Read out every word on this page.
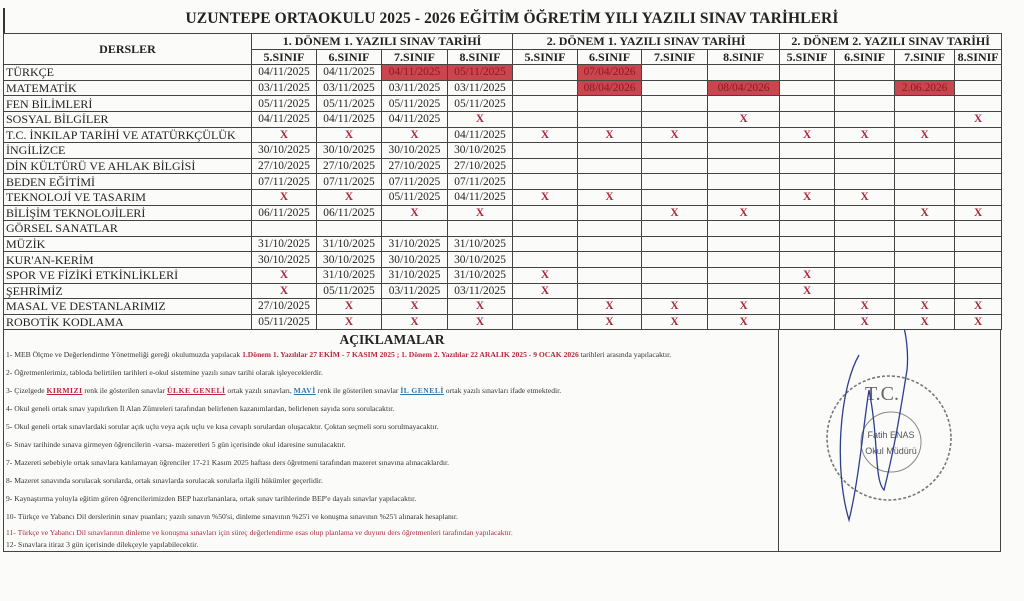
UZUNTEPE ORTAOKULU 2025 - 2026 EĞİTİM ÖĞRETİM YILI YAZILI SINAV TARİHLERİ
DERSLER	1. DÖNEM 1. YAZILI SINAV TARİHİ				2. DÖNEM 1. YAZILI SINAV TARİHİ				2. DÖNEM 2. YAZILI SINAV TARİHİ			
	5.SINIF	6.SINIF	7.SINIF	8.SINIF	5.SINIF	6.SINIF	7.SINIF	8.SINIF	5.SINIF	6.SINIF	7.SINIF	8.SINIF
TÜRKÇE	04/11/2025	04/11/2025	04/11/2025	05/11/2025		07/04/2026						
MATEMATİK	03/11/2025	03/11/2025	03/11/2025	03/11/2025		08/04/2026		08/04/2026			2.06.2026	
FEN BİLİMLERİ	05/11/2025	05/11/2025	05/11/2025	05/11/2025								
SOSYAL BİLGİLER	04/11/2025	04/11/2025	04/11/2025	X				X				X
T.C. İNKILAP TARİHİ VE ATATÜRKÇÜLÜK	X	X	X	04/11/2025	X	X	X		X	X	X	
İNGİLİZCE	30/10/2025	30/10/2025	30/10/2025	30/10/2025								
DİN KÜLTÜRÜ VE AHLAK BİLGİSİ	27/10/2025	27/10/2025	27/10/2025	27/10/2025								
BEDEN EĞİTİMİ	07/11/2025	07/11/2025	07/11/2025	07/11/2025								
TEKNOLOJİ VE TASARIM	X	X	05/11/2025	04/11/2025	X	X			X	X		
BİLİŞİM TEKNOLOJİLERİ	06/11/2025	06/11/2025	X	X			X	X			X	X
GÖRSEL SANATLAR												
MÜZİK	31/10/2025	31/10/2025	31/10/2025	31/10/2025								
KUR'AN-KERİM	30/10/2025	30/10/2025	30/10/2025	30/10/2025								
SPOR VE FİZİKİ ETKİNLİKLERİ	X	31/10/2025	31/10/2025	31/10/2025	X				X			
ŞEHRİMİZ	X	05/11/2025	03/11/2025	03/11/2025	X				X			
MASAL VE DESTANLARIMIZ	27/10/2025	X	X	X		X	X	X		X	X	X
ROBOTİK KODLAMA	05/11/2025	X	X	X		X	X	X		X	X	X
AÇIKLAMALAR
1- MEB Ölçme ve Değerlendirme Yönetmeliği gereği okulumuzda yapılacak 1.Dönem 1. Yazılılar 27 EKİM - 7 KASIM 2025 ; 1. Dönem 2. Yazılılar 22 ARALIK 2025 - 9 OCAK 2026 tarihleri arasında yapılacaktır.
2- Öğretmenlerimiz, tabloda belirtilen tarihleri e-okul sistemine yazılı sınav tarihi olarak işleyeceklerdir.
3- Çizelgede KIRMIZI renk ile gösterilen sınavlar ÜLKE GENELİ ortak yazılı sınavları, MAVİ renk ile gösterilen sınavlar İL GENELİ ortak yazılı sınavları ifade etmektedir.
4- Okul geneli ortak sınav yapılırken İl Alan Zümreleri tarafından belirlenen kazanımlardan, belirlenen sayıda soru sorulacaktır.
5- Okul geneli ortak sınavlardaki sorular açık uçlu veya açık uçlu ve kısa cevaplı sorulardan oluşacaktır. Çoktan seçmeli soru sorulmayacaktır.
6- Sınav tarihinde sınava girmeyen öğrencilerin -varsa- mazeretleri 5 gün içerisinde okul idaresine sunulacaktır.
7- Mazereti sebebiyle ortak sınavlara katılamayan öğrenciler 17-21 Kasım 2025 haftası ders öğretmeni tarafından mazeret sınavına alınacaklardır.
8- Mazeret sınavında sorulacak sorularda, ortak sınavlarda sorulacak sorularla ilgili hükümler geçerlidir.
9- Kaynaştırma yoluyla eğitim gören öğrencilerimizden BEP hazırlananlara, ortak sınav tarihlerinde BEP'e dayalı sınavlar yapılacaktır.
10- Türkçe ve Yabancı Dil derslerinin sınav puanları; yazılı sınavın %50'si, dinleme sınavının %25'i ve konuşma sınavının %25'i alınarak hesaplanır.
11- Türkçe ve Yabancı Dil sınavlarının dinleme ve konuşma sınavları için süreç değerlendirme esas olup planlama ve duyuru ders öğretmenleri tarafından yapılacaktır.
12- Sınavlara itiraz 3 gün içerisinde dilekçeyle yapılabilecektir.
T.C.
Fatih ENAS
Okul Müdürü
